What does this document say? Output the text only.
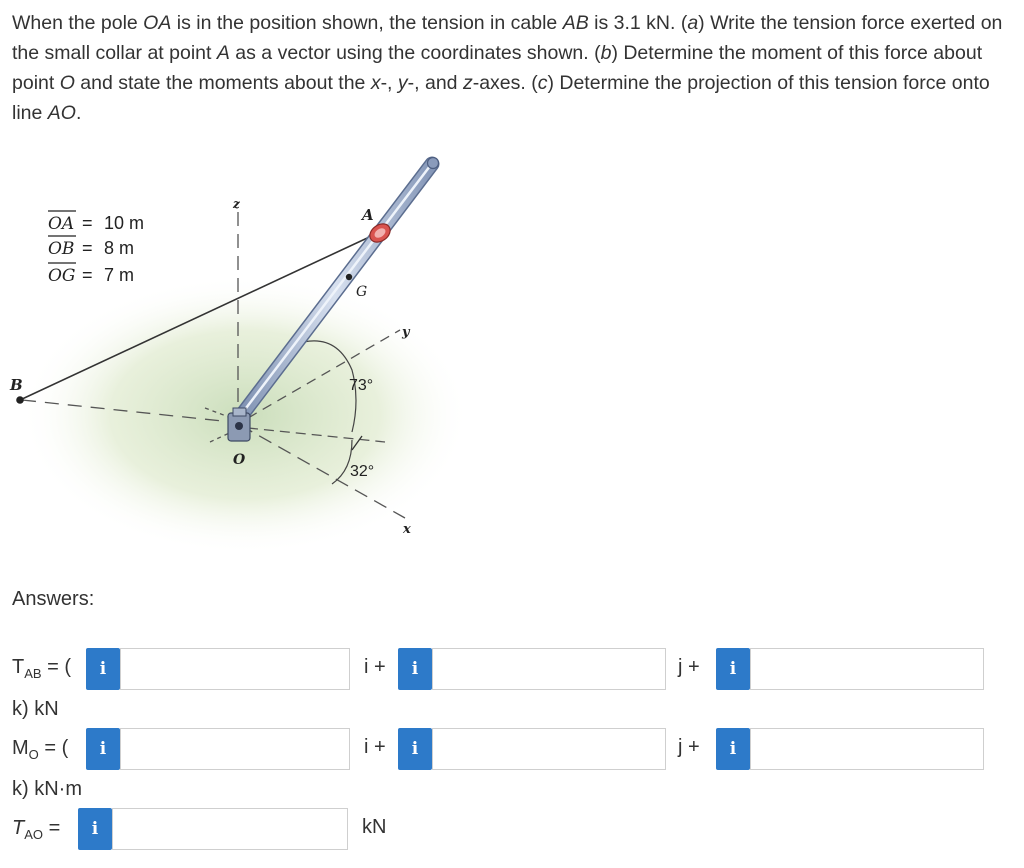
When the pole OA is in the position shown, the tension in cable AB is 3.1 kN. (a) Write the tension force exerted on the small collar at point A as a vector using the coordinates shown. (b) Determine the moment of this force about point O and state the moments about the x-, y-, and z-axes. (c) Determine the projection of this tension force onto line AO.
OA = 10 m
OB = 8 m
OG = 7 m
A
B
G
O
x
y
z
73°
32°
Answers:
$T_{AB}$ = (	i	i +	i	j +	i
k) kN
$M_O$ = (	i	i +	i	j +	i
k) kN·m
$T_{AO}$ =	i	kN
